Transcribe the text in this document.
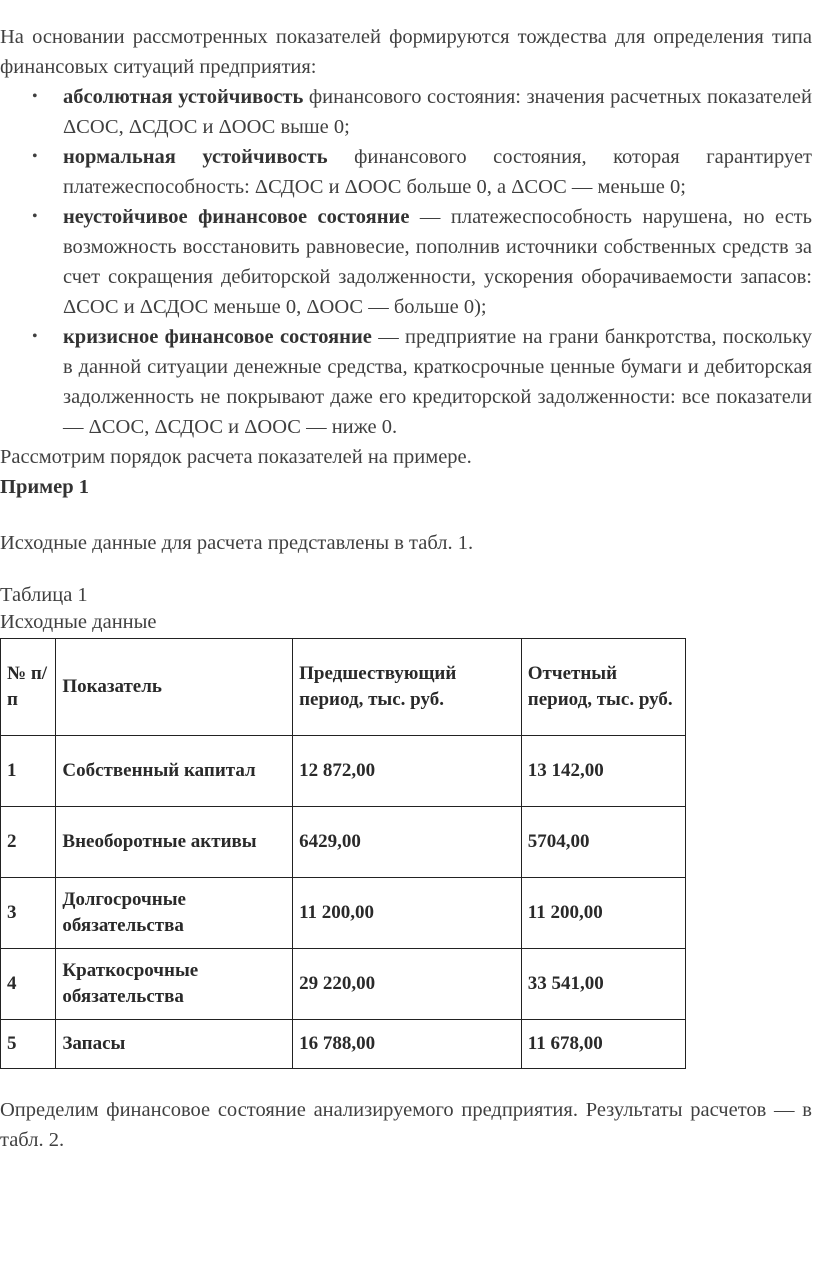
На основании рассмотренных показателей формируются тождества для определения типа финансовых ситуаций предприятия:

•	абсолютная устойчивость финансового состояния: значения расчетных показателей ΔСОС, ΔСДОС и ΔООС выше 0;
•	нормальная устойчивость финансового состояния, которая гарантирует платежеспособность: ΔСДОС и ΔООС больше 0, а ΔСОС — меньше 0;
•	неустойчивое финансовое состояние — платежеспособность нарушена, но есть возможность восстановить равновесие, пополнив источники собственных средств за счет сокращения дебиторской задолженности, ускорения оборачиваемости запасов: ΔСОС и ΔСДОС меньше 0, ΔООС — больше 0);
•	кризисное финансовое состояние — предприятие на грани банкротства, поскольку в данной ситуации денежные средства, краткосрочные ценные бумаги и дебиторская задолженность не покрывают даже его кредиторской задолженности: все показатели — ΔСОС, ΔСДОС и ΔООС — ниже 0.

Рассмотрим порядок расчета показателей на примере.

Пример 1

Исходные данные для расчета представлены в табл. 1.

Таблица 1

Исходные данные

№ п/п	Показатель	Предшествующий период, тыс. руб.	Отчетный период, тыс. руб.
1	Собственный капитал	12 872,00	13 142,00
2	Внеоборотные активы	6429,00	5704,00
3	Долгосрочные обязательства	11 200,00	11 200,00
4	Краткосрочные обязательства	29 220,00	33 541,00
5	Запасы	16 788,00	11 678,00

Определим финансовое состояние анализируемого предприятия. Результаты расчетов — в табл. 2.
